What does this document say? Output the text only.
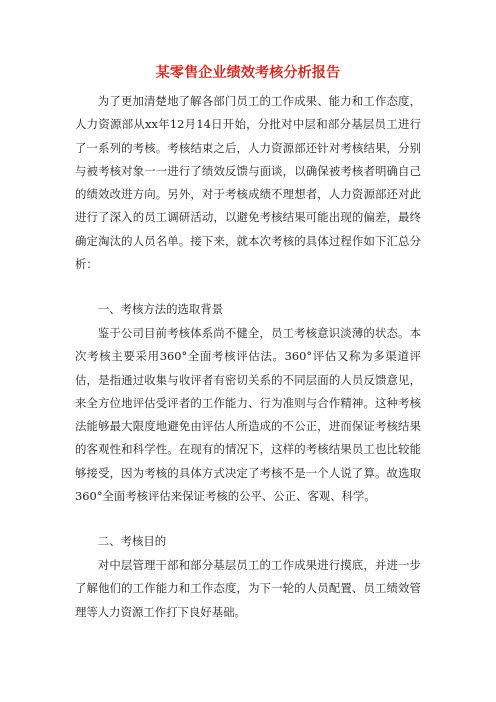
某零售企业绩效考核分析报告

为了更加清楚地了解各部门员工的工作成果、能力和工作态度，人力资源部从xx年12月14日开始，分批对中层和部分基层员工进行了一系列的考核。考核结束之后，人力资源部还针对考核结果，分别与被考核对象一一进行了绩效反馈与面谈，以确保被考核者明确自己的绩效改进方向。另外，对于考核成绩不理想者，人力资源部还对此进行了深入的员工调研活动，以避免考核结果可能出现的偏差，最终确定淘汰的人员名单。接下来，就本次考核的具体过程作如下汇总分析：

一、考核方法的选取背景

鉴于公司目前考核体系尚不健全，员工考核意识淡薄的状态。本次考核主要采用360°全面考核评估法。360°评估又称为多渠道评估，是指通过收集与收评者有密切关系的不同层面的人员反馈意见，来全方位地评估受评者的工作能力、行为准则与合作精神。这种考核法能够最大限度地避免由评估人所造成的不公正，进而保证考核结果的客观性和科学性。在现有的情况下，这样的考核结果员工也比较能够接受，因为考核的具体方式决定了考核不是一个人说了算。故选取360°全面考核评估来保证考核的公平、公正、客观、科学。

二、考核目的

对中层管理干部和部分基层员工的工作成果进行摸底，并进一步了解他们的工作能力和工作态度，为下一轮的人员配置、员工绩效管理等人力资源工作打下良好基础。
